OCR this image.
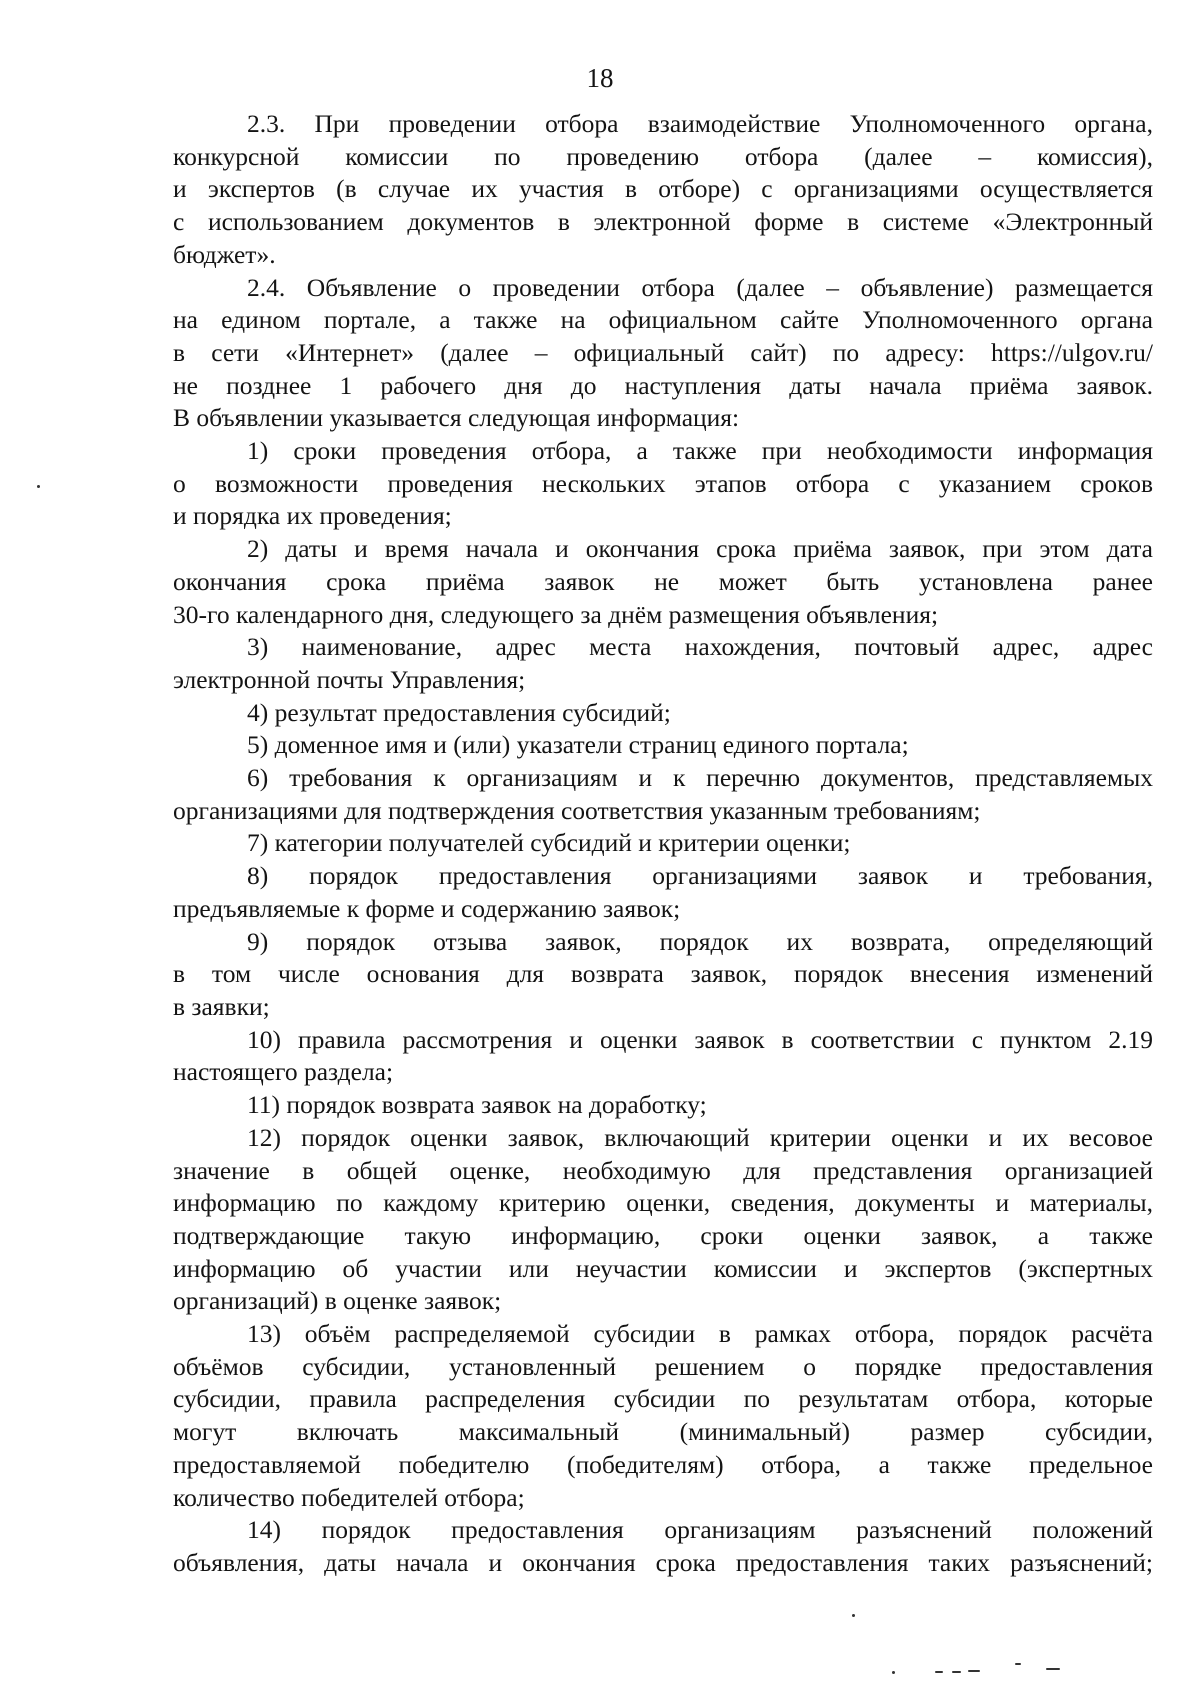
18
2.3. При проведении отбора взаимодействие Уполномоченного органа,
конкурсной комиссии по проведению отбора (далее – комиссия),
и экспертов (в случае их участия в отборе) с организациями осуществляется
с использованием документов в электронной форме в системе «Электронный
бюджет».
2.4. Объявление о проведении отбора (далее – объявление) размещается
на едином портале, а также на официальном сайте Уполномоченного органа
в сети «Интернет» (далее – официальный сайт) по адресу: https://ulgov.ru/
не позднее 1 рабочего дня до наступления даты начала приёма заявок.
В объявлении указывается следующая информация:
1) сроки проведения отбора, а также при необходимости информация
о возможности проведения нескольких этапов отбора с указанием сроков
и порядка их проведения;
2) даты и время начала и окончания срока приёма заявок, при этом дата
окончания срока приёма заявок не может быть установлена ранее
30-го календарного дня, следующего за днём размещения объявления;
3) наименование, адрес места нахождения, почтовый адрес, адрес
электронной почты Управления;
4) результат предоставления субсидий;
5) доменное имя и (или) указатели страниц единого портала;
6) требования к организациям и к перечню документов, представляемых
организациями для подтверждения соответствия указанным требованиям;
7) категории получателей субсидий и критерии оценки;
8) порядок предоставления организациями заявок и требования,
предъявляемые к форме и содержанию заявок;
9) порядок отзыва заявок, порядок их возврата, определяющий
в том числе основания для возврата заявок, порядок внесения изменений
в заявки;
10) правила рассмотрения и оценки заявок в соответствии с пунктом 2.19
настоящего раздела;
11) порядок возврата заявок на доработку;
12) порядок оценки заявок, включающий критерии оценки и их весовое
значение в общей оценке, необходимую для представления организацией
информацию по каждому критерию оценки, сведения, документы и материалы,
подтверждающие такую информацию, сроки оценки заявок, а также
информацию об участии или неучастии комиссии и экспертов (экспертных
организаций) в оценке заявок;
13) объём распределяемой субсидии в рамках отбора, порядок расчёта
объёмов субсидии, установленный решением о порядке предоставления
субсидии, правила распределения субсидии по результатам отбора, которые
могут включать максимальный (минимальный) размер субсидии,
предоставляемой победителю (победителям) отбора, а также предельное
количество победителей отбора;
14) порядок предоставления организациям разъяснений положений
объявления, даты начала и окончания срока предоставления таких разъяснений;
